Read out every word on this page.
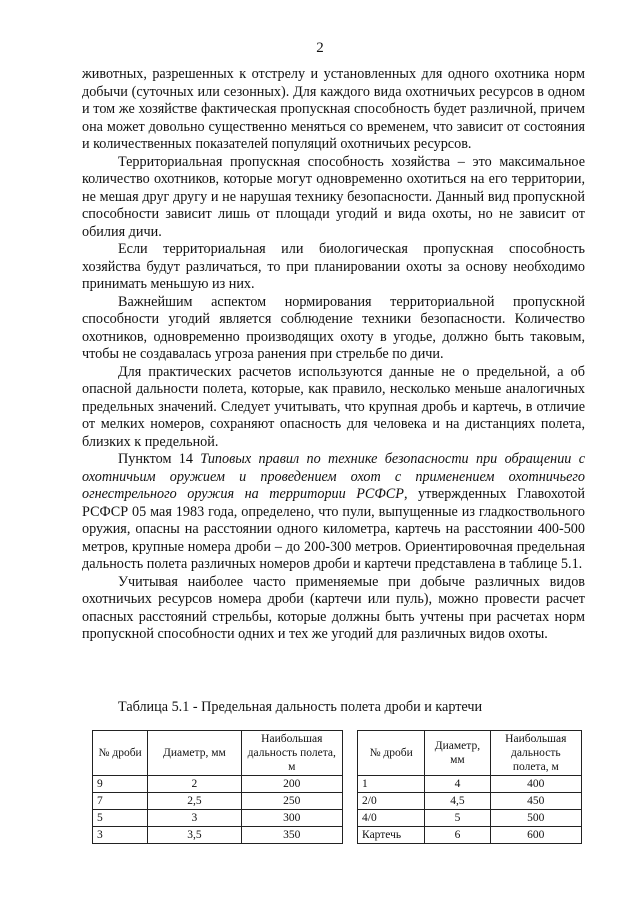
2

животных, разрешенных к отстрелу и установленных для одного охотника норм добычи (суточных или сезонных). Для каждого вида охотничьих ресурсов в одном и том же хозяйстве фактическая пропускная способность будет различной, причем она может довольно существенно меняться со временем, что зависит от состояния и количественных показателей популяций охотничьих ресурсов.

Территориальная пропускная способность хозяйства – это максимальное количество охотников, которые могут одновременно охотиться на его территории, не мешая друг другу и не нарушая технику безопасности. Данный вид пропускной способности зависит лишь от площади угодий и вида охоты, но не зависит от обилия дичи.

Если территориальная или биологическая пропускная способность хозяйства будут различаться, то при планировании охоты за основу необходимо принимать меньшую из них.

Важнейшим аспектом нормирования территориальной пропускной способности угодий является соблюдение техники безопасности. Количество охотников, одновременно производящих охоту в угодье, должно быть таковым, чтобы не создавалась угроза ранения при стрельбе по дичи.

Для практических расчетов используются данные не о предельной, а об опасной дальности полета, которые, как правило, несколько меньше аналогичных предельных значений. Следует учитывать, что крупная дробь и картечь, в отличие от мелких номеров, сохраняют опасность для человека и на дистанциях полета, близких к предельной.

Пунктом 14 Типовых правил по технике безопасности при обращении с охотничьим оружием и проведением охот с применением охотничьего огнестрельного оружия на территории РСФСР, утвержденных Главохотой РСФСР 05 мая 1983 года, определено, что пули, выпущенные из гладкоствольного оружия, опасны на расстоянии одного километра, картечь на расстоянии 400-500 метров, крупные номера дроби – до 200-300 метров. Ориентировочная предельная дальность полета различных номеров дроби и картечи представлена в таблице 5.1.

Учитывая наиболее часто применяемые при добыче различных видов охотничьих ресурсов номера дроби (картечи или пуль), можно провести расчет опасных расстояний стрельбы, которые должны быть учтены при расчетах норм пропускной способности одних и тех же угодий для различных видов охоты.

Таблица 5.1 - Предельная дальность полета дроби и картечи
№ дроби	Диаметр, мм	Наибольшая дальность полета, м		№ дроби	Диаметр, мм	Наибольшая дальность полета, м
9	2	200		1	4	400
7	2,5	250		2/0	4,5	450
5	3	300		4/0	5	500
3	3,5	350		Картечь	6	600
